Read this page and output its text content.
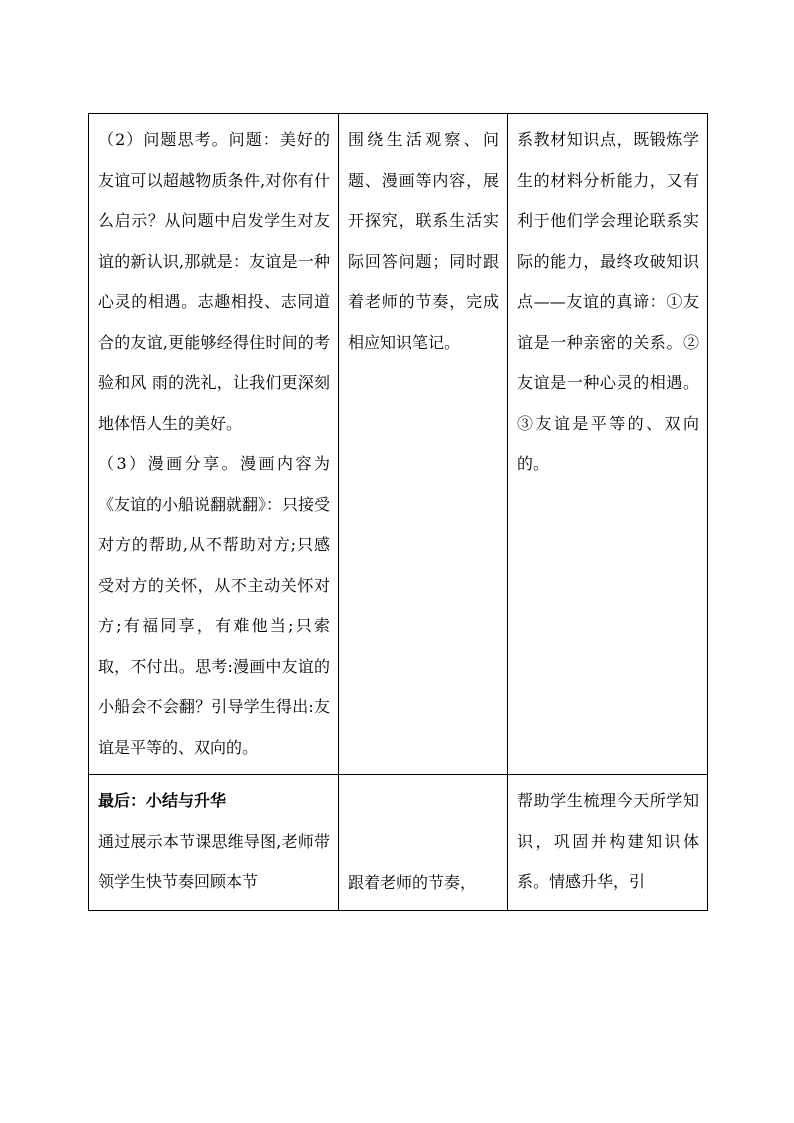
（2）问题思考。问题：美好的友谊可以超越物质条件,对你有什么启示？从问题中启发学生对友谊的新认识,那就是：友谊是一种心灵的相遇。志趣相投、志同道合的友谊,更能够经得住时间的考验和风 雨的洗礼，让我们更深刻地体悟人生的美好。

（3）漫画分享。漫画内容为《友谊的小船说翻就翻》：只接受对方的帮助,从不帮助对方;只感受对方的关怀，从不主动关怀对方;有福同享，有难他当;只索取，不付出。思考:漫画中友谊的小船会不会翻？引导学生得出:友谊是平等的、双向的。	围绕生活观察、问题、漫画等内容，展开探究，联系生活实际回答问题；同时跟着老师的节奏，完成相应知识笔记。	系教材知识点，既锻炼学生的材料分析能力，又有利于他们学会理论联系实际的能力，最终攻破知识点——友谊的真谛：①友谊是一种亲密的关系。②友谊是一种心灵的相遇。③友谊是平等的、双向的。

最后：小结与升华

通过展示本节课思维导图,老师带领学生快节奏回顾本节	跟着老师的节奏，	帮助学生梳理今天所学知识，巩固并构建知识体系。情感升华，引
